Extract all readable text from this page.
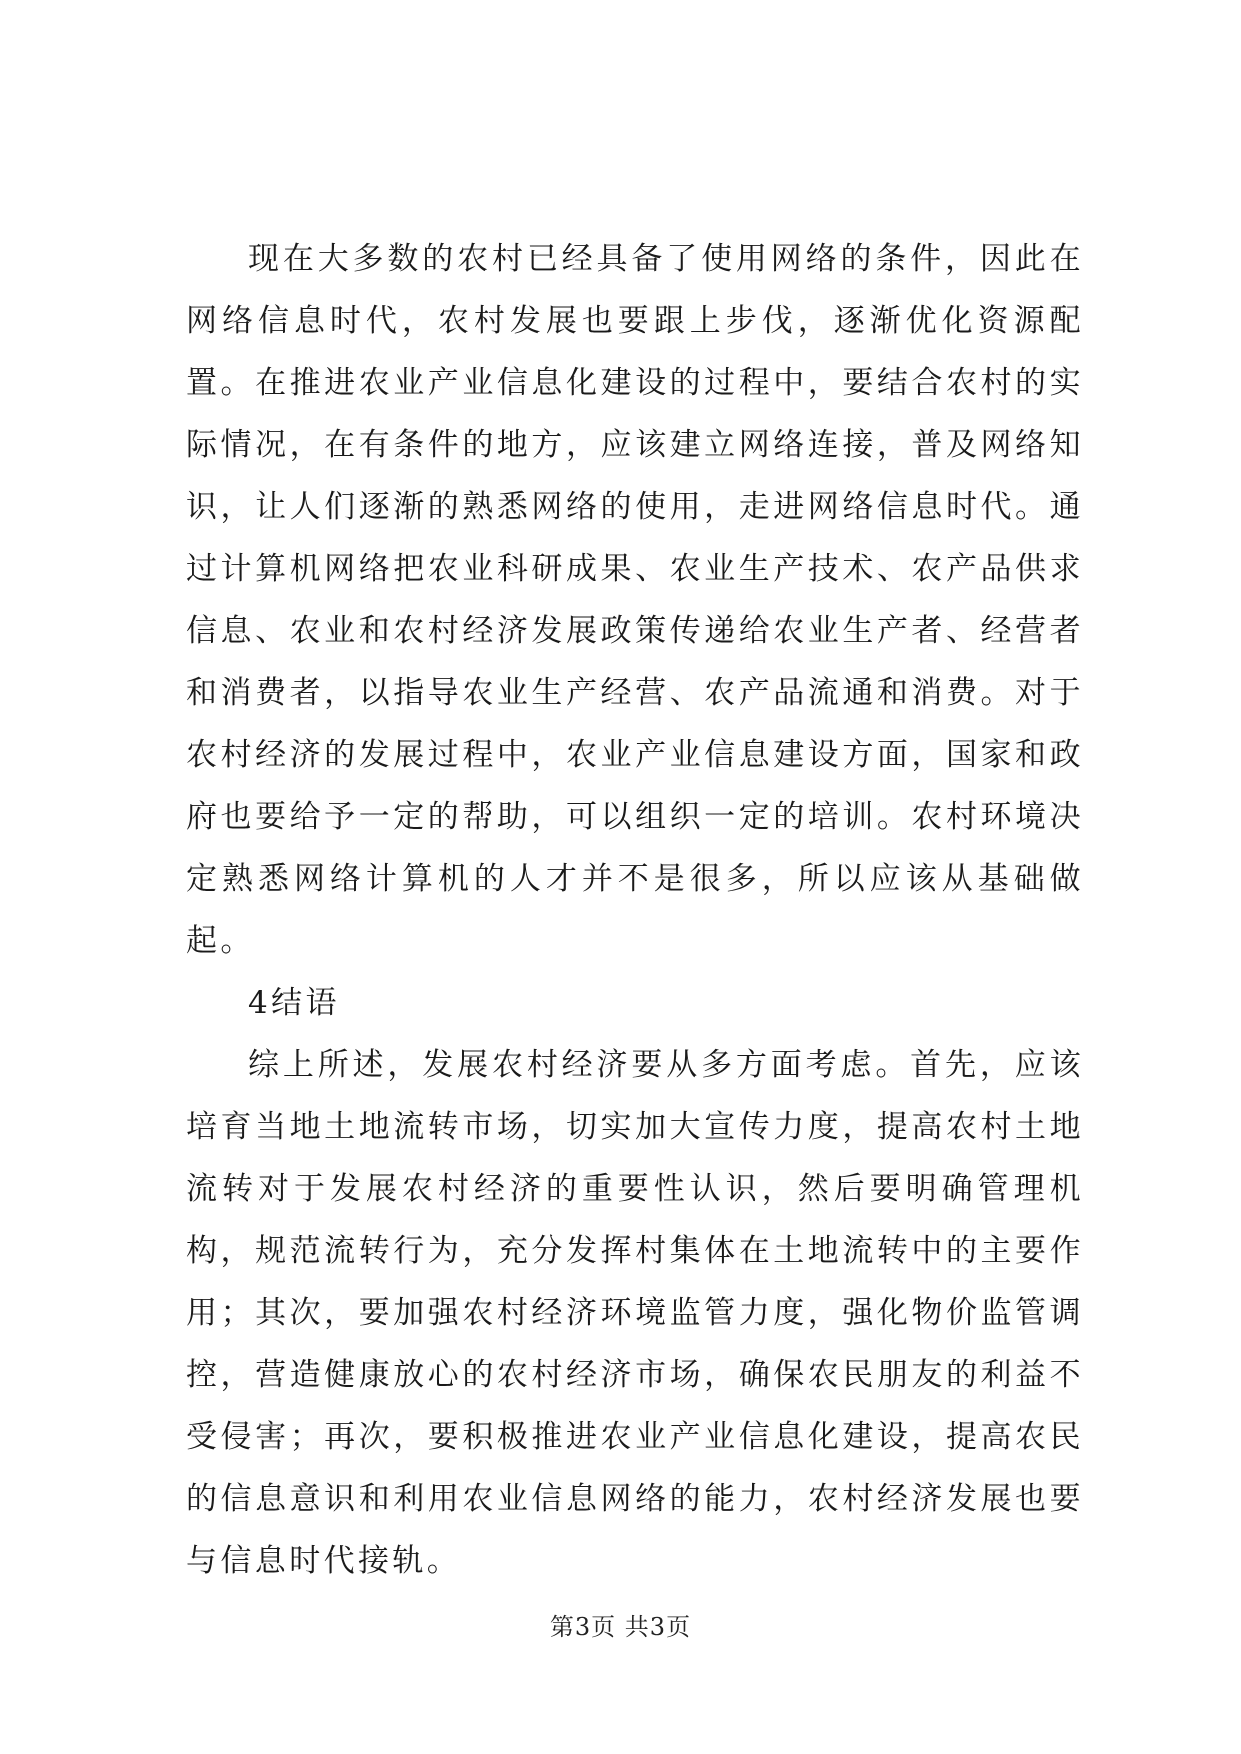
现在大多数的农村已经具备了使用网络的条件，因此在网络信息时代，农村发展也要跟上步伐，逐渐优化资源配置。在推进农业产业信息化建设的过程中，要结合农村的实际情况，在有条件的地方，应该建立网络连接，普及网络知识，让人们逐渐的熟悉网络的使用，走进网络信息时代。通过计算机网络把农业科研成果、农业生产技术、农产品供求信息、农业和农村经济发展政策传递给农业生产者、经营者和消费者，以指导农业生产经营、农产品流通和消费。对于农村经济的发展过程中，农业产业信息建设方面，国家和政府也要给予一定的帮助，可以组织一定的培训。农村环境决定熟悉网络计算机的人才并不是很多，所以应该从基础做起。

4结语

综上所述，发展农村经济要从多方面考虑。首先，应该培育当地土地流转市场，切实加大宣传力度，提高农村土地流转对于发展农村经济的重要性认识，然后要明确管理机构，规范流转行为，充分发挥村集体在土地流转中的主要作用；其次，要加强农村经济环境监管力度，强化物价监管调控，营造健康放心的农村经济市场，确保农民朋友的利益不受侵害；再次，要积极推进农业产业信息化建设，提高农民的信息意识和利用农业信息网络的能力，农村经济发展也要与信息时代接轨。

第3页 共3页
